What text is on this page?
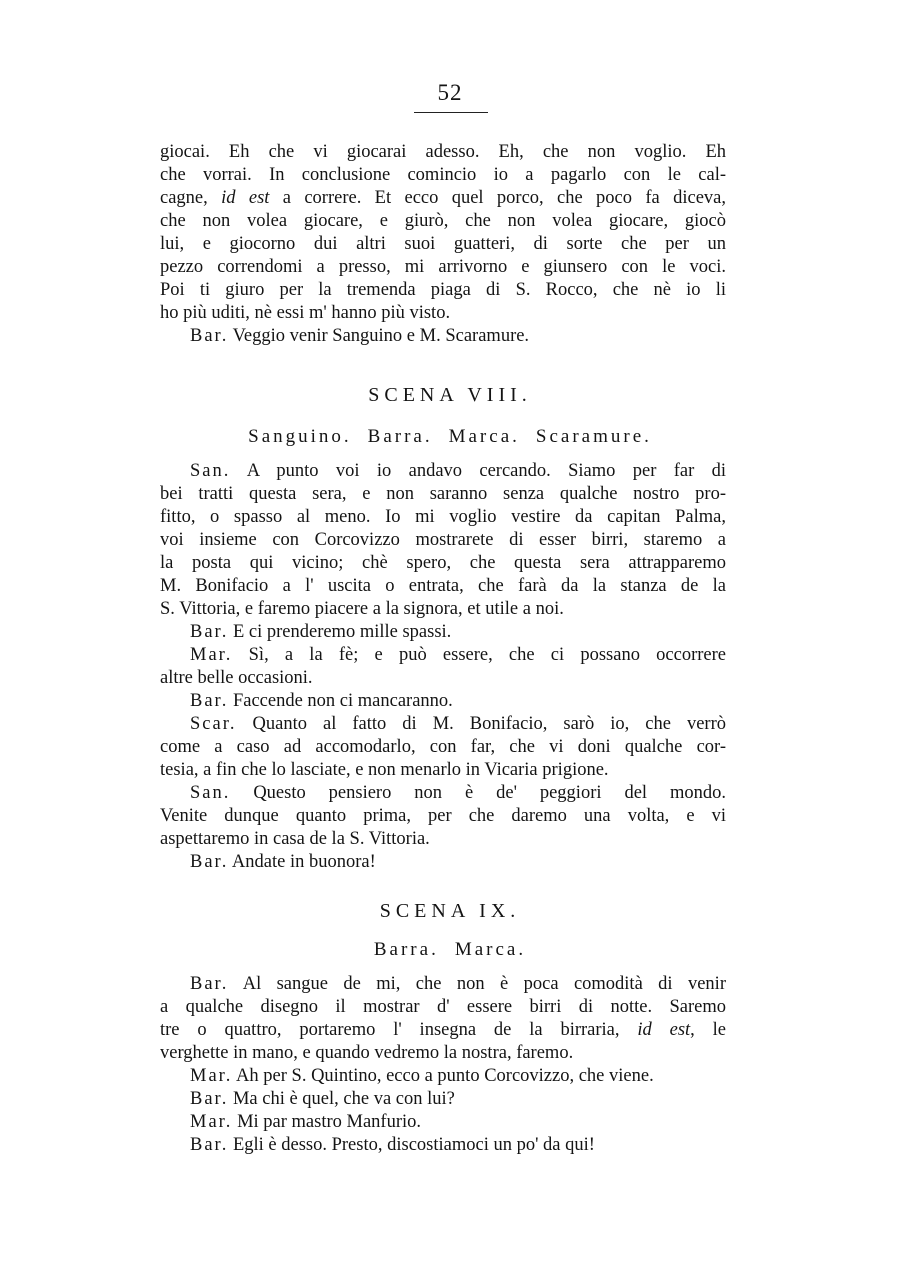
52
giocai. Eh che vi giocarai adesso. Eh, che non voglio. Eh
che vorrai. In conclusione comincio io a pagarlo con le cal-
cagne, id est a correre. Et ecco quel porco, che poco fa diceva,
che non volea giocare, e giurò, che non volea giocare, giocò
lui, e giocorno dui altri suoi guatteri, di sorte che per un
pezzo correndomi a presso, mi arrivorno e giunsero con le voci.
Poi ti giuro per la tremenda piaga di S. Rocco, che nè io li
ho più uditi, nè essi m' hanno più visto.
Bar. Veggio venir Sanguino e M. Scaramure.
SCENA VIII.
Sanguino. Barra. Marca. Scaramure.
San. A punto voi io andavo cercando. Siamo per far di
bei tratti questa sera, e non saranno senza qualche nostro pro-
fitto, o spasso al meno. Io mi voglio vestire da capitan Palma,
voi insieme con Corcovizzo mostrarete di esser birri, staremo a
la posta qui vicino; chè spero, che questa sera attrapparemo
M. Bonifacio a l' uscita o entrata, che farà da la stanza de la
S. Vittoria, e faremo piacere a la signora, et utile a noi.
Bar. E ci prenderemo mille spassi.
Mar. Sì, a la fè; e può essere, che ci possano occorrere
altre belle occasioni.
Bar. Faccende non ci mancaranno.
Scar. Quanto al fatto di M. Bonifacio, sarò io, che verrò
come a caso ad accomodarlo, con far, che vi doni qualche cor-
tesia, a fin che lo lasciate, e non menarlo in Vicaria prigione.
San. Questo pensiero non è de' peggiori del mondo.
Venite dunque quanto prima, per che daremo una volta, e vi
aspettaremo in casa de la S. Vittoria.
Bar. Andate in buonora!
SCENA IX.
Barra. Marca.
Bar. Al sangue de mi, che non è poca comodità di venir
a qualche disegno il mostrar d' essere birri di notte. Saremo
tre o quattro, portaremo l' insegna de la birraria, id est, le
verghette in mano, e quando vedremo la nostra, faremo.
Mar. Ah per S. Quintino, ecco a punto Corcovizzo, che viene.
Bar. Ma chi è quel, che va con lui?
Mar. Mi par mastro Manfurio.
Bar. Egli è desso. Presto, discostiamoci un po' da qui!
